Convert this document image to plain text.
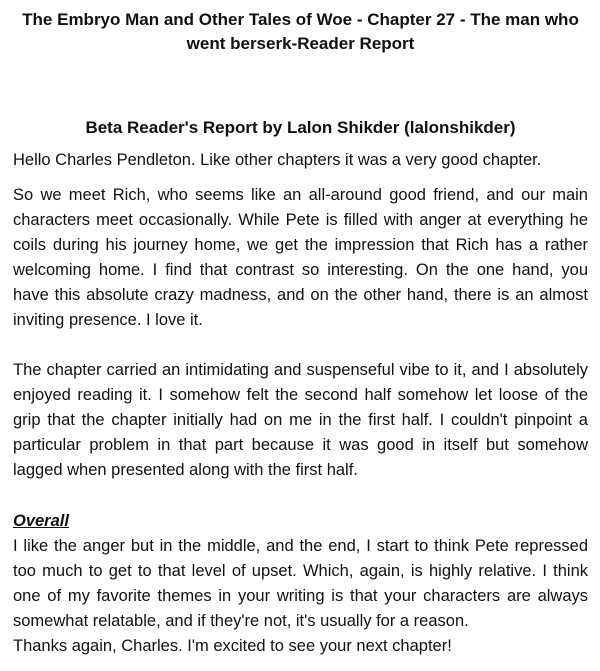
The Embryo Man and Other Tales of Woe - Chapter 27 - The man who went berserk-Reader Report
Beta Reader's Report by Lalon Shikder (lalonshikder)

Hello Charles Pendleton. Like other chapters it was a very good chapter.

So we meet Rich, who seems like an all-around good friend, and our main characters meet occasionally. While Pete is filled with anger at everything he coils during his journey home, we get the impression that Rich has a rather welcoming home. I find that contrast so interesting. On the one hand, you have this absolute crazy madness, and on the other hand, there is an almost inviting presence. I love it.

The chapter carried an intimidating and suspenseful vibe to it, and I absolutely enjoyed reading it. I somehow felt the second half somehow let loose of the grip that the chapter initially had on me in the first half. I couldn't pinpoint a particular problem in that part because it was good in itself but somehow lagged when presented along with the first half.

Overall

I like the anger but in the middle, and the end, I start to think Pete repressed too much to get to that level of upset. Which, again, is highly relative. I think one of my favorite themes in your writing is that your characters are always somewhat relatable, and if they're not, it's usually for a reason.

Thanks again, Charles. I'm excited to see your next chapter!
